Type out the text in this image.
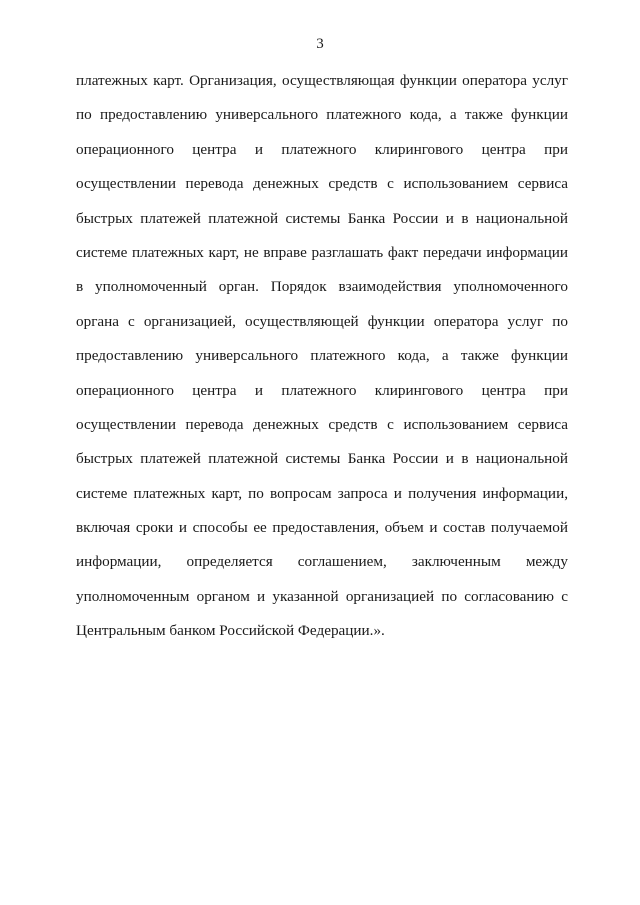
3
платежных карт. Организация, осуществляющая функции оператора услуг
по предоставлению универсального платежного кода, а также функции
операционного центра и платежного клирингового центра при
осуществлении перевода денежных средств с использованием сервиса
быстрых платежей платежной системы Банка России и в национальной
системе платежных карт, не вправе разглашать факт передачи информации
в уполномоченный орган. Порядок взаимодействия уполномоченного
органа с организацией, осуществляющей функции оператора услуг по
предоставлению универсального платежного кода, а также функции
операционного центра и платежного клирингового центра при
осуществлении перевода денежных средств с использованием сервиса
быстрых платежей платежной системы Банка России и в национальной
системе платежных карт, по вопросам запроса и получения информации,
включая сроки и способы ее предоставления, объем и состав получаемой
информации, определяется соглашением, заключенным между
уполномоченным органом и указанной организацией по согласованию с
Центральным банком Российской Федерации.».
